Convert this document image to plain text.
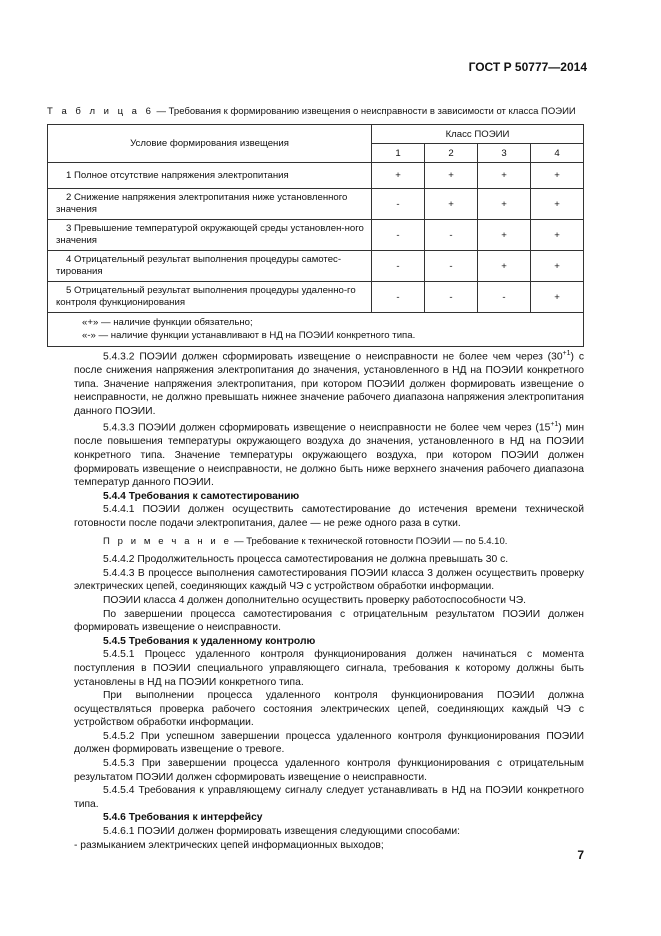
ГОСТ Р 50777—2014
Т а б л и ц а 6 — Требования к формированию извещения о неисправности в зависимости от класса ПОЭИИ
Условие формирования извещения	Класс ПОЭИИ			
	1	2	3	4
1 Полное отсутствие напряжения электропитания	+	+	+	+
2 Снижение напряжения электропитания ниже установленного значения	-	+	+	+
3 Превышение температурой окружающей среды установлен-ного значения	-	-	+	+
4 Отрицательный результат выполнения процедуры самотес-тирования	-	-	+	+
5 Отрицательный результат выполнения процедуры удаленно-го контроля функционирования	-	-	-	+

«+» — наличие функции обязательно;
«-» — наличие функции устанавливают в НД на ПОЭИИ конкретного типа.				

5.4.3.2 ПОЭИИ должен сформировать извещение о неисправности не более чем через $(30^{+1})$ с после снижения напряжения электропитания до значения, установленного в НД на ПОЭИИ конкретного типа. Значение напряжения электропитания, при котором ПОЭИИ должен формировать извещение о неисправности, не должно превышать нижнее значение рабочего диапазона напряжения электропитания данного ПОЭИИ.

5.4.3.3 ПОЭИИ должен сформировать извещение о неисправности не более чем через $(15^{+1})$ мин после повышения температуры окружающего воздуха до значения, установленного в НД на ПОЭИИ конкретного типа. Значение температуры окружающего воздуха, при котором ПОЭИИ должен формировать извещение о неисправности, не должно быть ниже верхнего значения рабочего диапазона температур данного ПОЭИИ.

5.4.4 Требования к самотестированию

5.4.4.1 ПОЭИИ должен осуществить самотестирование до истечения времени технической готовности после подачи электропитания, далее — не реже одного раза в сутки.

П р и м е ч а н и е — Требование к технической готовности ПОЭИИ — по 5.4.10.

5.4.4.2 Продолжительность процесса самотестирования не должна превышать 30 с.

5.4.4.3 В процессе выполнения самотестирования ПОЭИИ класса 3 должен осуществить проверку электрических цепей, соединяющих каждый ЧЭ с устройством обработки информации.

ПОЭИИ класса 4 должен дополнительно осуществить проверку работоспособности ЧЭ.

По завершении процесса самотестирования с отрицательным результатом ПОЭИИ должен формировать извещение о неисправности.

5.4.5 Требования к удаленному контролю

5.4.5.1 Процесс удаленного контроля функционирования должен начинаться с момента поступления в ПОЭИИ специального управляющего сигнала, требования к которому должны быть установлены в НД на ПОЭИИ конкретного типа.

При выполнении процесса удаленного контроля функционирования ПОЭИИ должна осуществляться проверка рабочего состояния электрических цепей, соединяющих каждый ЧЭ с устройством обработки информации.

5.4.5.2 При успешном завершении процесса удаленного контроля функционирования ПОЭИИ должен формировать извещение о тревоге.

5.4.5.3 При завершении процесса удаленного контроля функционирования с отрицательным результатом ПОЭИИ должен сформировать извещение о неисправности.

5.4.5.4 Требования к управляющему сигналу следует устанавливать в НД на ПОЭИИ конкретного типа.

5.4.6 Требования к интерфейсу

5.4.6.1 ПОЭИИ должен формировать извещения следующими способами:

- размыканием электрических цепей информационных выходов;

7
